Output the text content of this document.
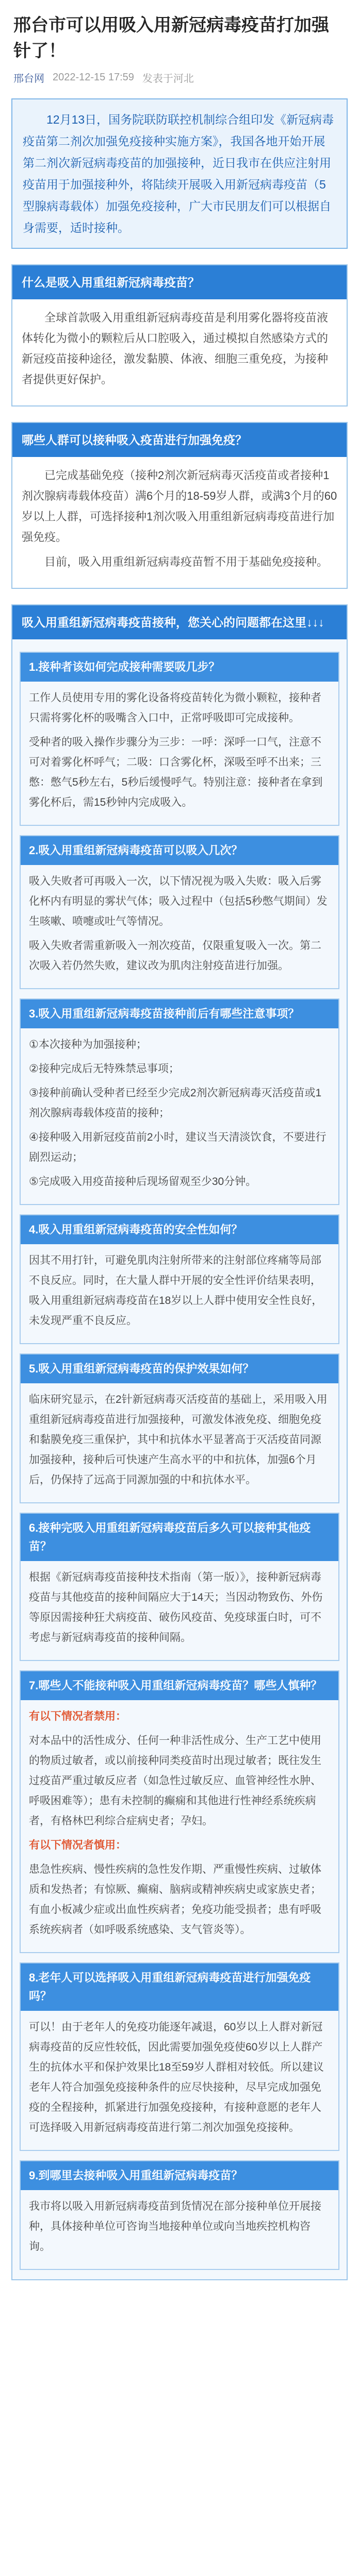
邢台市可以用吸入用新冠病毒疫苗打加强针了！
邢台网 2022-12-15 17:59 发表于河北
12月13日，国务院联防联控机制综合组印发《新冠病毒疫苗第二剂次加强免疫接种实施方案》，我国各地开始开展第二剂次新冠病毒疫苗的加强接种，近日我市在供应注射用疫苗用于加强接种外，将陆续开展吸入用新冠病毒疫苗（5型腺病毒载体）加强免疫接种，广大市民朋友们可以根据自身需要，适时接种。
什么是吸入用重组新冠病毒疫苗？

全球首款吸入用重组新冠病毒疫苗是利用雾化器将疫苗液体转化为微小的颗粒后从口腔吸入，通过模拟自然感染方式的新冠疫苗接种途径，激发黏膜、体液、细胞三重免疫，为接种者提供更好保护。

哪些人群可以接种吸入疫苗进行加强免疫？

已完成基础免疫（接种2剂次新冠病毒灭活疫苗或者接种1剂次腺病毒载体疫苗）满6个月的18-59岁人群，或满3个月的60岁以上人群，可选择接种1剂次吸入用重组新冠病毒疫苗进行加强免疫。

目前，吸入用重组新冠病毒疫苗暂不用于基础免疫接种。

吸入用重组新冠病毒疫苗接种，您关心的问题都在这里↓↓↓
1.接种者该如何完成接种需要吸几步？

工作人员使用专用的雾化设备将疫苗转化为微小颗粒，接种者只需将雾化杯的吸嘴含入口中，正常呼吸即可完成接种。

受种者的吸入操作步骤分为三步：一呼：深呼一口气，注意不可对着雾化杯呼气；二吸：口含雾化杯，深吸至呼不出来；三憋：憋气5秒左右，5秒后缓慢呼气。特别注意：接种者在拿到雾化杯后，需15秒钟内完成吸入。

2.吸入用重组新冠病毒疫苗可以吸入几次？

吸入失败者可再吸入一次，以下情况视为吸入失败：吸入后雾化杯内有明显的雾状气体；吸入过程中（包括5秒憋气期间）发生咳嗽、喷嚏或吐气等情况。

吸入失败者需重新吸入一剂次疫苗，仅限重复吸入一次。第二次吸入若仍然失败，建议改为肌肉注射疫苗进行加强。

3.吸入用重组新冠病毒疫苗接种前后有哪些注意事项？

①本次接种为加强接种；

②接种完成后无特殊禁忌事项；

③接种前确认受种者已经至少完成2剂次新冠病毒灭活疫苗或1剂次腺病毒载体疫苗的接种；

④接种吸入用新冠疫苗前2小时，建议当天清淡饮食，不要进行剧烈运动；

⑤完成吸入用疫苗接种后现场留观至少30分钟。

4.吸入用重组新冠病毒疫苗的安全性如何？

因其不用打针，可避免肌肉注射所带来的注射部位疼痛等局部不良反应。同时，在大量人群中开展的安全性评价结果表明，吸入用重组新冠病毒疫苗在18岁以上人群中使用安全性良好，未发现严重不良反应。

5.吸入用重组新冠病毒疫苗的保护效果如何？

临床研究显示，在2针新冠病毒灭活疫苗的基础上，采用吸入用重组新冠病毒疫苗进行加强接种，可激发体液免疫、细胞免疫和黏膜免疫三重保护，其中和抗体水平显著高于灭活疫苗同源加强接种，接种后可快速产生高水平的中和抗体，加强6个月后，仍保持了远高于同源加强的中和抗体水平。

6.接种完吸入用重组新冠病毒疫苗后多久可以接种其他疫苗？

根据《新冠病毒疫苗接种技术指南（第一版）》，接种新冠病毒疫苗与其他疫苗的接种间隔应大于14天；当因动物致伤、外伤等原因需接种狂犬病疫苗、破伤风疫苗、免疫球蛋白时，可不考虑与新冠病毒疫苗的接种间隔。

7.哪些人不能接种吸入用重组新冠病毒疫苗？哪些人慎种？

有以下情况者禁用：

对本品中的活性成分、任何一种非活性成分、生产工艺中使用的物质过敏者，或以前接种同类疫苗时出现过敏者；既往发生过疫苗严重过敏反应者（如急性过敏反应、血管神经性水肿、呼吸困难等）；患有未控制的癫痫和其他进行性神经系统疾病者，有格林巴利综合症病史者；孕妇。

有以下情况者慎用：

患急性疾病、慢性疾病的急性发作期、严重慢性疾病、过敏体质和发热者；有惊厥、癫痫、脑病或精神疾病史或家族史者；有血小板减少症或出血性疾病者；免疫功能受损者；患有呼吸系统疾病者（如呼吸系统感染、支气管炎等）。

8.老年人可以选择吸入用重组新冠病毒疫苗进行加强免疫吗？

可以！由于老年人的免疫功能逐年减退，60岁以上人群对新冠病毒疫苗的反应性较低，因此需要加强免疫使60岁以上人群产生的抗体水平和保护效果比18至59岁人群相对较低。所以建议老年人符合加强免疫接种条件的应尽快接种，尽早完成加强免疫的全程接种，抓紧进行加强免疫接种，有接种意愿的老年人可选择吸入用新冠病毒疫苗进行第二剂次加强免疫接种。

9.到哪里去接种吸入用重组新冠病毒疫苗？

我市将以吸入用新冠病毒疫苗到货情况在部分接种单位开展接种，具体接种单位可咨询当地接种单位或向当地疾控机构咨询。
